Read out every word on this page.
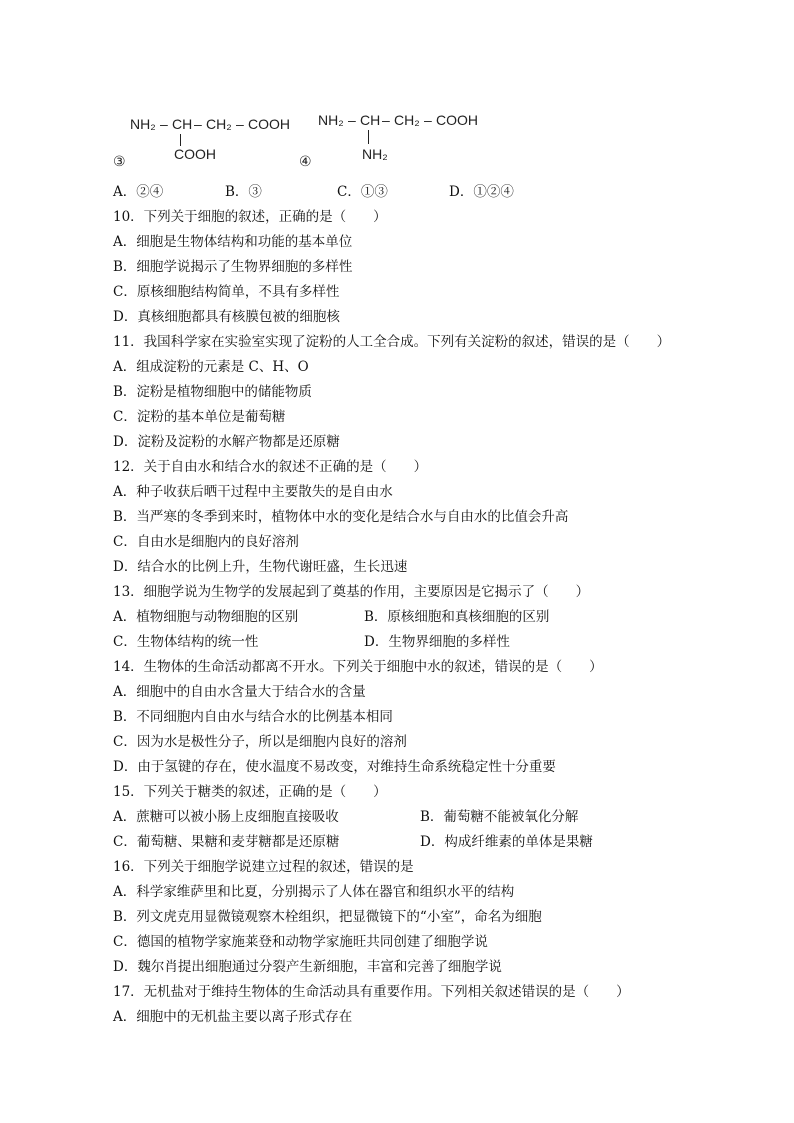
NH₂ – CH – CH₂ – COOH
COOH
③
NH₂ – CH – CH₂ – COOH
NH₂
④
A．②④	B．③	C．①③	D．①②④
10．下列关于细胞的叙述，正确的是（　　）
A．细胞是生物体结构和功能的基本单位
B．细胞学说揭示了生物界细胞的多样性
C．原核细胞结构简单，不具有多样性
D．真核细胞都具有核膜包被的细胞核
11．我国科学家在实验室实现了淀粉的人工全合成。下列有关淀粉的叙述，错误的是（　　）
A．组成淀粉的元素是 C、H、O
B．淀粉是植物细胞中的储能物质
C．淀粉的基本单位是葡萄糖
D．淀粉及淀粉的水解产物都是还原糖
12．关于自由水和结合水的叙述不正确的是（　　）
A．种子收获后晒干过程中主要散失的是自由水
B．当严寒的冬季到来时，植物体中水的变化是结合水与自由水的比值会升高
C．自由水是细胞内的良好溶剂
D．结合水的比例上升，生物代谢旺盛，生长迅速
13．细胞学说为生物学的发展起到了奠基的作用，主要原因是它揭示了（　　）
A．植物细胞与动物细胞的区别	B．原核细胞和真核细胞的区别
C．生物体结构的统一性	D．生物界细胞的多样性
14．生物体的生命活动都离不开水。下列关于细胞中水的叙述，错误的是（　　）
A．细胞中的自由水含量大于结合水的含量
B．不同细胞内自由水与结合水的比例基本相同
C．因为水是极性分子，所以是细胞内良好的溶剂
D．由于氢键的存在，使水温度不易改变，对维持生命系统稳定性十分重要
15．下列关于糖类的叙述，正确的是（　　）
A．蔗糖可以被小肠上皮细胞直接吸收	B．葡萄糖不能被氧化分解
C．葡萄糖、果糖和麦芽糖都是还原糖	D．构成纤维素的单体是果糖
16．下列关于细胞学说建立过程的叙述，错误的是
A．科学家维萨里和比夏，分别揭示了人体在器官和组织水平的结构
B．列文虎克用显微镜观察木栓组织，把显微镜下的“小室”，命名为细胞
C．德国的植物学家施莱登和动物学家施旺共同创建了细胞学说
D．魏尔肖提出细胞通过分裂产生新细胞，丰富和完善了细胞学说
17．无机盐对于维持生物体的生命活动具有重要作用。下列相关叙述错误的是（　　）
A．细胞中的无机盐主要以离子形式存在
